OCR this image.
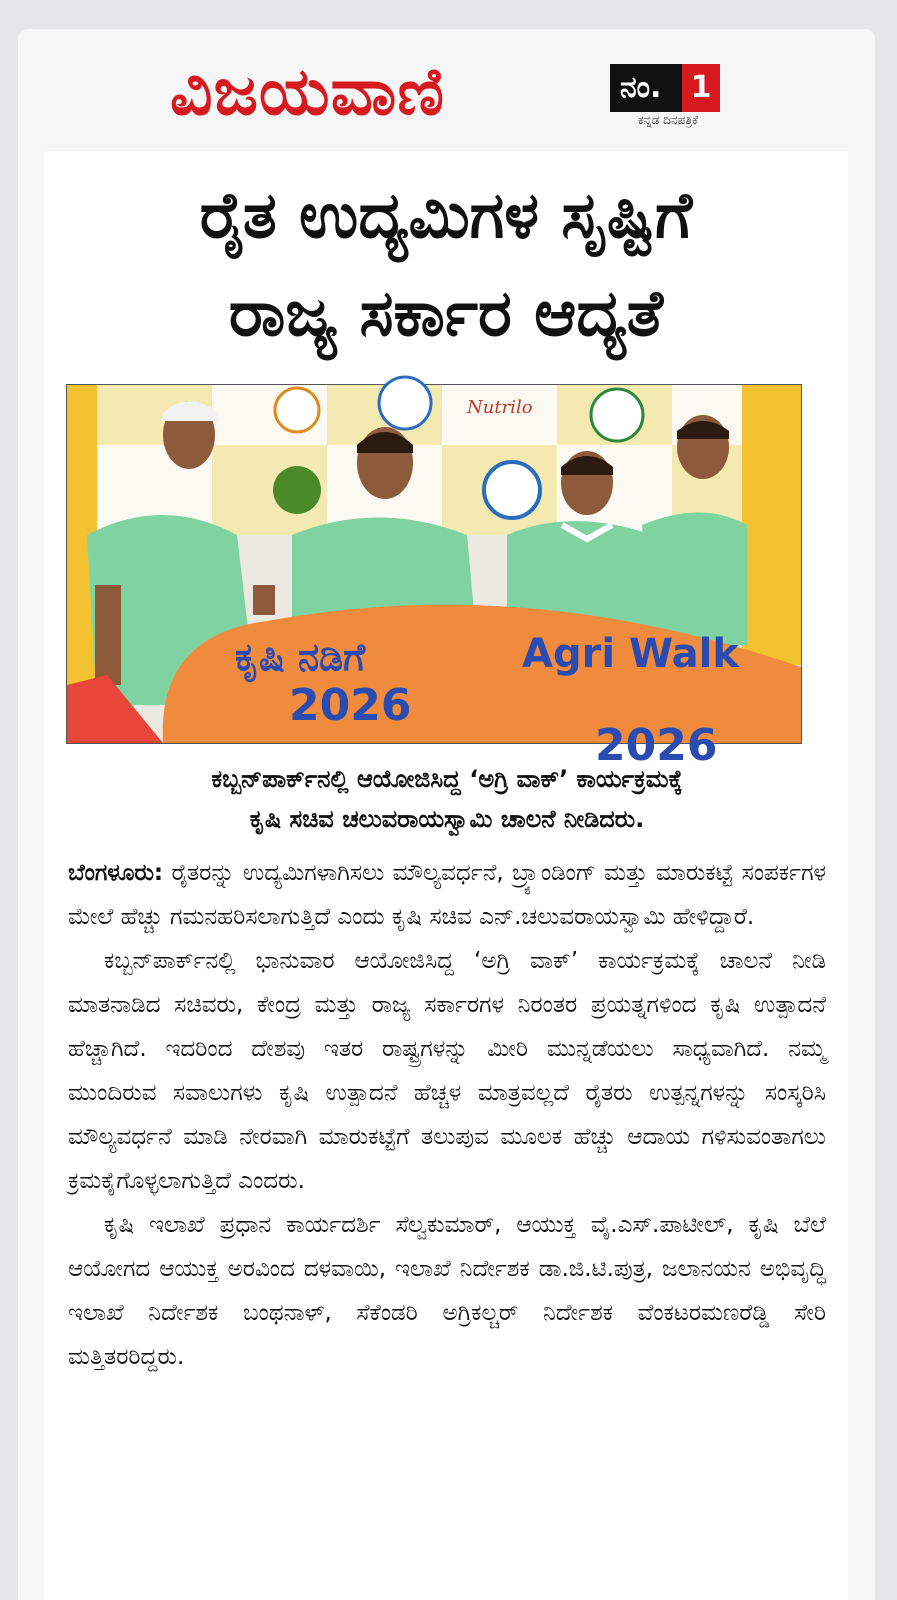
ವಿಜಯವಾಣಿ	ನಂ. 1
ಕನ್ನಡ ದಿನಪತ್ರಿಕೆ
ರೈತ ಉದ್ಯಮಿಗಳ ಸೃಷ್ಟಿಗೆ
ರಾಜ್ಯ ಸರ್ಕಾರ ಆದ್ಯತೆ
Nutrilo
ಕೃಷಿ ನಡಿಗೆ	Agri Walk
2026
2026
ಕಬ್ಬನ್‌ಪಾರ್ಕ್‌ನಲ್ಲಿ ಆಯೋಜಿಸಿದ್ದ ‘ಅಗ್ರಿ ವಾಕ್’ ಕಾರ್ಯಕ್ರಮಕ್ಕೆ
ಕೃಷಿ ಸಚಿವ ಚಲುವರಾಯಸ್ವಾಮಿ ಚಾಲನೆ ನೀಡಿದರು.

ಬೆಂಗಳೂರು: ರೈತರನ್ನು ಉದ್ಯಮಿಗಳಾಗಿಸಲು ಮೌಲ್ಯವರ್ಧನೆ, ಬ್ರ್ಯಾಂಡಿಂಗ್ ಮತ್ತು ಮಾರುಕಟ್ಟೆ ಸಂಪರ್ಕಗಳ ಮೇಲೆ ಹೆಚ್ಚು ಗಮನಹರಿಸಲಾಗುತ್ತಿದೆ ಎಂದು ಕೃಷಿ ಸಚಿವ ಎನ್.ಚಲುವರಾಯಸ್ವಾಮಿ ಹೇಳಿದ್ದಾರೆ.

ಕಬ್ಬನ್‌ಪಾರ್ಕ್‌ನಲ್ಲಿ ಭಾನುವಾರ ಆಯೋಜಿಸಿದ್ದ ‘ಅಗ್ರಿ ವಾಕ್’ ಕಾರ್ಯಕ್ರಮಕ್ಕೆ ಚಾಲನೆ ನೀಡಿ ಮಾತನಾಡಿದ ಸಚಿವರು, ಕೇಂದ್ರ ಮತ್ತು ರಾಜ್ಯ ಸರ್ಕಾರಗಳ ನಿರಂತರ ಪ್ರಯತ್ನಗಳಿಂದ ಕೃಷಿ ಉತ್ಪಾದನೆ ಹೆಚ್ಚಾಗಿದೆ. ಇದರಿಂದ ದೇಶವು ಇತರ ರಾಷ್ಟ್ರಗಳನ್ನು ಮೀರಿ ಮುನ್ನಡೆಯಲು ಸಾಧ್ಯವಾಗಿದೆ. ನಮ್ಮ ಮುಂದಿರುವ ಸವಾಲುಗಳು ಕೃಷಿ ಉತ್ಪಾದನೆ ಹೆಚ್ಚಳ ಮಾತ್ರವಲ್ಲದೆ ರೈತರು ಉತ್ಪನ್ನಗಳನ್ನು ಸಂಸ್ಕರಿಸಿ ಮೌಲ್ಯವರ್ಧನೆ ಮಾಡಿ ನೇರವಾಗಿ ಮಾರುಕಟ್ಟೆಗೆ ತಲುಪುವ ಮೂಲಕ ಹೆಚ್ಚು ಆದಾಯ ಗಳಿಸುವಂತಾಗಲು ಕ್ರಮಕೈಗೊಳ್ಳಲಾಗುತ್ತಿದೆ ಎಂದರು.

ಕೃಷಿ ಇಲಾಖೆ ಪ್ರಧಾನ ಕಾರ್ಯದರ್ಶಿ ಸೆಲ್ವಕುಮಾರ್, ಆಯುಕ್ತ ವೈ.ಎಸ್.ಪಾಟೀಲ್, ಕೃಷಿ ಬೆಲೆ ಆಯೋಗದ ಆಯುಕ್ತ ಅರವಿಂದ ದಳವಾಯಿ, ಇಲಾಖೆ ನಿರ್ದೇಶಕ ಡಾ.ಜಿ.ಟಿ.ಪುತ್ರ, ಜಲಾನಯನ ಅಭಿವೃದ್ಧಿ ಇಲಾಖೆ ನಿರ್ದೇಶಕ ಬಂಥನಾಳ್, ಸೆಕೆಂಡರಿ ಅಗ್ರಿಕಲ್ಚರ್ ನಿರ್ದೇಶಕ ವೆಂಕಟರಮಣರೆಡ್ಡಿ ಸೇರಿ ಮತ್ತಿತರರಿದ್ದರು.
